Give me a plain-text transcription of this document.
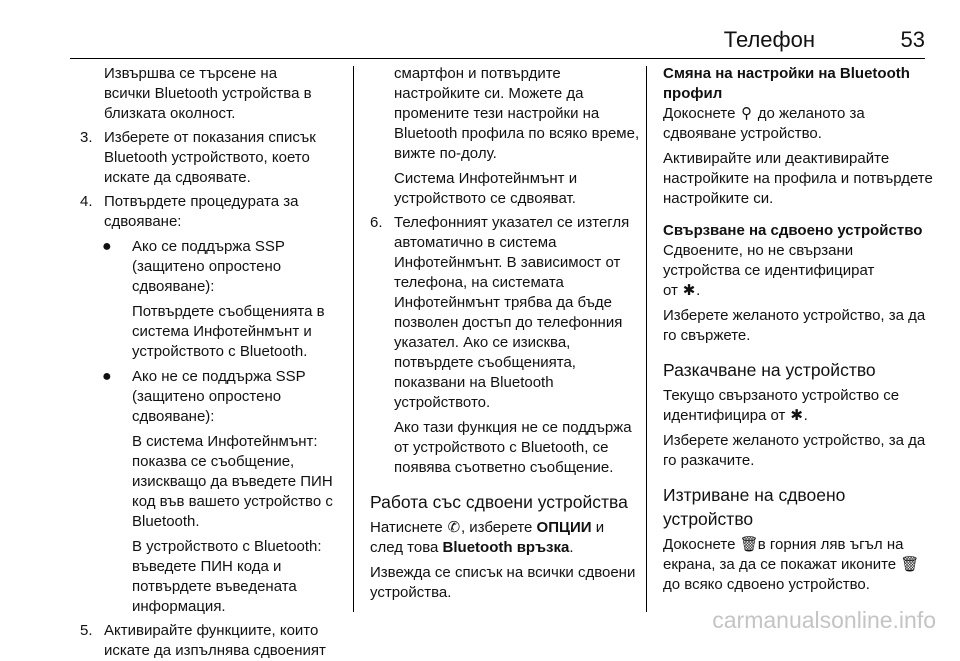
Телефон	53

Извършва се търсене на

всички Bluetooth устройства в

близката околност.

3. Изберете от показания списък Bluetooth устройството, което искате да сдвоявате.
4. Потвърдете процедурата за сдвояване:
● Ако се поддържа SSP (защитено опростено сдвояване):

Потвърдете съобщенията в система Инфотейнмънт и устройството с Bluetooth.

● Ако не се поддържа SSP (защитено опростено сдвояване):

В система Инфотейнмънт: показва се съобщение, изискващо да въведете ПИН код във вашето устройство с Bluetooth.

В устройството с Bluetooth: въведете ПИН кода и потвърдете въведената информация.

5. Активирайте функциите, които искате да изпълнява сдвоеният

смартфон и потвърдите настройките си. Можете да промените тези настройки на Bluetooth профила по всяко време, вижте по-долу.

Система Инфотейнмънт и устройството се сдвояват.

6. Телефонният указател се изтегля автоматично в система Инфотейнмънт. В зависимост от телефона, на системата Инфотейнмънт трябва да бъде позволен достъп до телефонния указател. Ако се изисква, потвърдете съобщенията, показвани на Bluetooth устройството.

Ако тази функция не се поддържа от устройството с Bluetooth, се появява съответно съобщение.

Работа със сдвоени устройства

Натиснете ✆, изберете ОПЦИИ и
след това Bluetooth връзка.

Извежда се списък на всички сдвоени устройства.

Смяна на настройки на Bluetooth профил

Докоснете ⚲ до желаното за сдвояване устройство.

Активирайте или деактивирайте настройките на профила и потвърдете настройките си.

Свързване на сдвоено устройство

Сдвоените, но не свързани

устройства се идентифицират

от ✱.

Изберете желаното устройство, за да го свържете.

Разкачване на устройство

Текущо свързаното устройство се идентифицира от ✱.

Изберете желаното устройство, за да го разкачите.

Изтриване на сдвоено устройство

Докоснете 🗑 в горния ляв ъгъл на екрана, за да се покажат иконите 🗑 до всяко сдвоено устройство.

carmanualsonline.info
